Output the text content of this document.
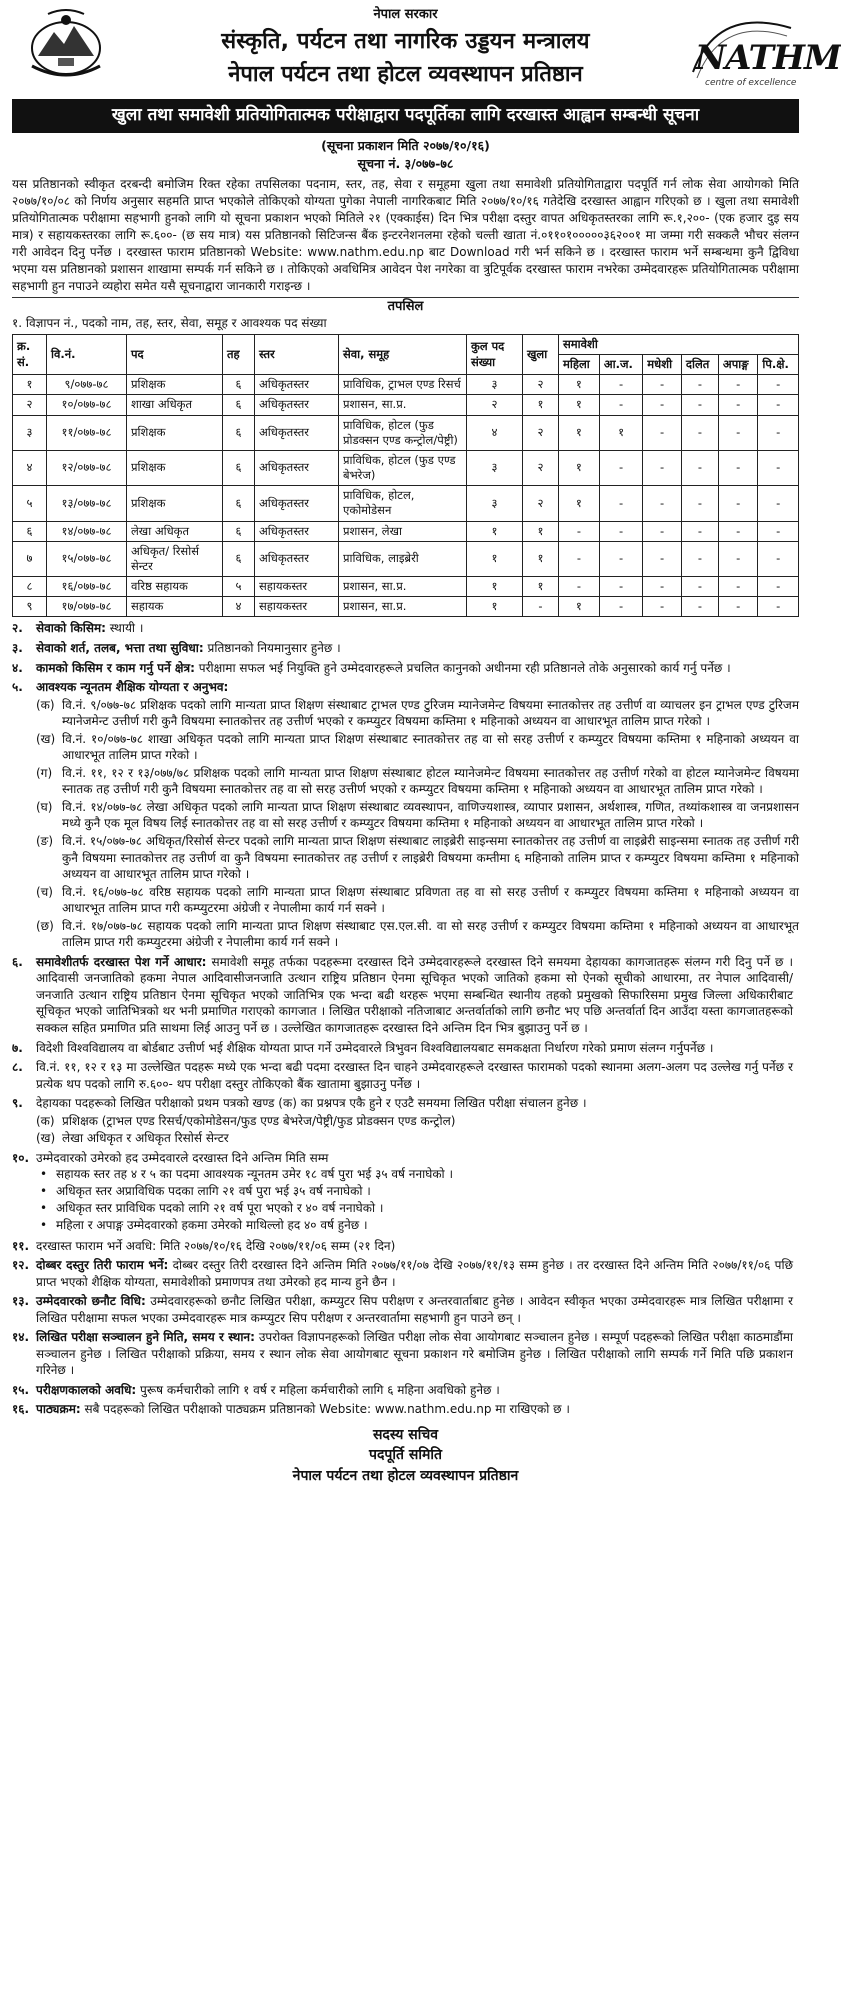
NATHM
centre of excellence
नेपाल सरकार
संस्कृति, पर्यटन तथा नागरिक उड्डयन मन्त्रालय
नेपाल पर्यटन तथा होटल व्यवस्थापन प्रतिष्ठान
खुला तथा समावेशी प्रतियोगितात्मक परीक्षाद्वारा पदपूर्तिका लागि दरखास्त आह्वान सम्बन्धी सूचना
(सूचना प्रकाशन मिति २०७७/१०/१६)
सूचना नं. ३/०७७-७८
यस प्रतिष्ठानको स्वीकृत दरबन्दी बमोजिम रिक्त रहेका तपसिलका पदनाम, स्तर, तह, सेवा र समूहमा खुला तथा समावेशी प्रतियोगिताद्वारा पदपूर्ति गर्न लोक सेवा आयोगको मिति २०७७/१०/०८ को निर्णय अनुसार सहमति प्राप्त भएकोले तोकिएको योग्यता पुगेका नेपाली नागरिकबाट मिति २०७७/१०/१६ गतेदेखि दरखास्त आह्वान गरिएको छ । खुला तथा समावेशी प्रतियोगितात्मक परीक्षामा सहभागी हुनको लागि यो सूचना प्रकाशन भएको मितिले २१ (एक्काईस) दिन भित्र परीक्षा दस्तुर वापत अधिकृतस्तरका लागि रू.१,२००- (एक हजार दुइ सय मात्र) र सहायकस्तरका लागि रू.६००- (छ सय मात्र) यस प्रतिष्ठानको सिटिजन्स बैंक इन्टरनेशनलमा रहेको चल्ती खाता नं.०११०१०००००३६२००१ मा जम्मा गरी सक्कलै भौचर संलग्न गरी आवेदन दिनु पर्नेछ । दरखास्त फाराम प्रतिष्ठानको Website: www.nathm.edu.np बाट Download गरी भर्न सकिने छ । दरखास्त फाराम भर्ने सम्बन्धमा कुनै द्विविधा भएमा यस प्रतिष्ठानको प्रशासन शाखामा सम्पर्क गर्न सकिने छ । तोकिएको अवधिमित्र आवेदन पेश नगरेका वा त्रुटिपूर्वक दरखास्त फाराम नभरेका उम्मेदवारहरू प्रतियोगितात्मक परीक्षामा सहभागी हुन नपाउने व्यहोरा समेत यसै सूचनाद्वारा जानकारी गराइन्छ ।
तपसिल
१. विज्ञापन नं., पदको नाम, तह, स्तर, सेवा, समूह र आवश्यक पद संख्या
क्र. सं.	वि.नं.	पद	तह	स्तर	सेवा, समूह	कुल पद संख्या	खुला	समावेशी					
								महिला	आ.ज.	मधेशी	दलित	अपाङ्ग	पि.क्षे.
१	९/०७७-७८	प्रशिक्षक	६	अधिकृतस्तर	प्राविधिक, ट्राभल एण्ड रिसर्च	३	२	१	-	-	-	-	-
२	१०/०७७-७८	शाखा अधिकृत	६	अधिकृतस्तर	प्रशासन, सा.प्र.	२	१	१	-	-	-	-	-
३	११/०७७-७८	प्रशिक्षक	६	अधिकृतस्तर	प्राविधिक, होटल (फुड प्रोडक्सन एण्ड कन्ट्रोल/पेष्ट्री)	४	२	१	१	-	-	-	-
४	१२/०७७-७८	प्रशिक्षक	६	अधिकृतस्तर	प्राविधिक, होटल (फुड एण्ड बेभरेज)	३	२	१	-	-	-	-	-
५	१३/०७७-७८	प्रशिक्षक	६	अधिकृतस्तर	प्राविधिक, होटल, एकोमोडेसन	३	२	१	-	-	-	-	-
६	१४/०७७-७८	लेखा अधिकृत	६	अधिकृतस्तर	प्रशासन, लेखा	१	१	-	-	-	-	-	-
७	१५/०७७-७८	अधिकृत/ रिसोर्स सेन्टर	६	अधिकृतस्तर	प्राविधिक, लाइब्रेरी	१	१	-	-	-	-	-	-
८	१६/०७७-७८	वरिष्ठ सहायक	५	सहायकस्तर	प्रशासन, सा.प्र.	१	१	-	-	-	-	-	-
९	१७/०७७-७८	सहायक	४	सहायकस्तर	प्रशासन, सा.प्र.	१	-	१	-	-	-	-	-
२. सेवाको किसिम: स्थायी ।
३. सेवाको शर्त, तलब, भत्ता तथा सुविधा: प्रतिष्ठानको नियमानुसार हुनेछ ।
४. कामको किसिम र काम गर्नु पर्ने क्षेत्र: परीक्षामा सफल भई नियुक्ति हुने उम्मेदवारहरूले प्रचलित कानुनको अधीनमा रही प्रतिष्ठानले तोके अनुसारको कार्य गर्नु पर्नेछ ।
५. आवश्यक न्यूनतम शैक्षिक योग्यता र अनुभव:
(क) वि.नं. ९/०७७-७८ प्रशिक्षक पदको लागि मान्यता प्राप्त शिक्षण संस्थाबाट ट्राभल एण्ड टुरिजम म्यानेजमेन्ट विषयमा स्नातकोत्तर तह उत्तीर्ण वा व्याचलर इन ट्राभल एण्ड टुरिजम म्यानेजमेन्ट उत्तीर्ण गरी कुनै विषयमा स्नातकोत्तर तह उत्तीर्ण भएको र कम्प्युटर विषयमा कम्तिमा १ महिनाको अध्ययन वा आधारभूत तालिम प्राप्त गरेको ।
(ख) वि.नं. १०/०७७-७८ शाखा अधिकृत पदको लागि मान्यता प्राप्त शिक्षण संस्थाबाट स्नातकोत्तर तह वा सो सरह उत्तीर्ण र कम्प्युटर विषयमा कम्तिमा १ महिनाको अध्ययन वा आधारभूत तालिम प्राप्त गरेको ।
(ग) वि.नं. ११, १२ र १३/०७७/७८ प्रशिक्षक पदको लागि मान्यता प्राप्त शिक्षण संस्थाबाट होटल म्यानेजमेन्ट विषयमा स्नातकोत्तर तह उत्तीर्ण गरेको वा होटल म्यानेजमेन्ट विषयमा स्नातक तह उत्तीर्ण गरी कुनै विषयमा स्नातकोत्तर तह वा सो सरह उत्तीर्ण भएको र कम्प्युटर विषयमा कम्तिमा १ महिनाको अध्ययन वा आधारभूत तालिम प्राप्त गरेको ।
(घ) वि.नं. १४/०७७-७८ लेखा अधिकृत पदको लागि मान्यता प्राप्त शिक्षण संस्थाबाट व्यवस्थापन, वाणिज्यशास्त्र, व्यापार प्रशासन, अर्थशास्त्र, गणित, तथ्यांकशास्त्र वा जनप्रशासन मध्ये कुनै एक मूल विषय लिई स्नातकोत्तर तह वा सो सरह उत्तीर्ण र कम्प्युटर विषयमा कम्तिमा १ महिनाको अध्ययन वा आधारभूत तालिम प्राप्त गरेको ।
(ङ) वि.नं. १५/०७७-७८ अधिकृत/रिसोर्स सेन्टर पदको लागि मान्यता प्राप्त शिक्षण संस्थाबाट लाइब्रेरी साइन्समा स्नातकोत्तर तह उत्तीर्ण वा लाइब्रेरी साइन्समा स्नातक तह उत्तीर्ण गरी कुनै विषयमा स्नातकोत्तर तह उत्तीर्ण वा कुनै विषयमा स्नातकोत्तर तह उत्तीर्ण र लाइब्रेरी विषयमा कम्तीमा ६ महिनाको तालिम प्राप्त र कम्प्युटर विषयमा कम्तिमा १ महिनाको अध्ययन वा आधारभूत तालिम प्राप्त गरेको ।
(च) वि.नं. १६/०७७-७८ वरिष्ठ सहायक पदको लागि मान्यता प्राप्त शिक्षण संस्थाबाट प्रविणता तह वा सो सरह उत्तीर्ण र कम्प्युटर विषयमा कम्तिमा १ महिनाको अध्ययन वा आधारभूत तालिम प्राप्त गरी कम्प्युटरमा अंग्रेजी र नेपालीमा कार्य गर्न सक्ने ।
(छ) वि.नं. १७/०७७-७८ सहायक पदको लागि मान्यता प्राप्त शिक्षण संस्थाबाट एस.एल.सी. वा सो सरह उत्तीर्ण र कम्प्युटर विषयमा कम्तिमा १ महिनाको अध्ययन वा आधारभूत तालिम प्राप्त गरी कम्प्युटरमा अंग्रेजी र नेपालीमा कार्य गर्न सक्ने ।
६. समावेशीतर्फ दरखास्त पेश गर्ने आधार: समावेशी समूह तर्फका पदहरूमा दरखास्त दिने उम्मेदवारहरूले दरखास्त दिने समयमा देहायका कागजातहरू संलग्न गरी दिनु पर्ने छ । आदिवासी जनजातिको हकमा नेपाल आदिवासीजनजाति उत्थान राष्ट्रिय प्रतिष्ठान ऐनमा सूचिकृत भएको जातिको हकमा सो ऐनको सूचीको आधारमा, तर नेपाल आदिवासी/जनजाति उत्थान राष्ट्रिय प्रतिष्ठान ऐनमा सूचिकृत भएको जातिभित्र एक भन्दा बढी थरहरू भएमा सम्बन्धित स्थानीय तहको प्रमुखको सिफारिसमा प्रमुख जिल्ला अधिकारीबाट सूचिकृत भएको जातिभित्रको थर भनी प्रमाणित गराएको कागजात । लिखित परीक्षाको नतिजाबाट अन्तर्वार्ताको लागि छनौट भए पछि अन्तर्वार्ता दिन आउँदा यस्ता कागजातहरूको सक्कल सहित प्रमाणित प्रति साथमा लिई आउनु पर्ने छ । उल्लेखित कागजातहरू दरखास्त दिने अन्तिम दिन भित्र बुझाउनु पर्ने छ ।
७. विदेशी विश्वविद्यालय वा बोर्डबाट उत्तीर्ण भई शैक्षिक योग्यता प्राप्त गर्ने उम्मेदवारले त्रिभुवन विश्वविद्यालयबाट समकक्षता निर्धारण गरेको प्रमाण संलग्न गर्नुपर्नेछ ।
८. वि.नं. ११, १२ र १३ मा उल्लेखित पदहरू मध्ये एक भन्दा बढी पदमा दरखास्त दिन चाहने उम्मेदवारहरूले दरखास्त फारामको पदको स्थानमा अलग-अलग पद उल्लेख गर्नु पर्नेछ र प्रत्येक थप पदको लागि रु.६००- थप परीक्षा दस्तुर तोकिएको बैंक खातामा बुझाउनु पर्नेछ ।
९. देहायका पदहरूको लिखित परीक्षाको प्रथम पत्रको खण्ड (क) का प्रश्नपत्र एकै हुने र एउटै समयमा लिखित परीक्षा संचालन हुनेछ ।
(क) प्रशिक्षक (ट्राभल एण्ड रिसर्च/एकोमोडेसन/फुड एण्ड बेभरेज/पेष्ट्री/फुड प्रोडक्सन एण्ड कन्ट्रोल)
(ख) लेखा अधिकृत र अधिकृत रिसोर्स सेन्टर
१०. उम्मेदवारको उमेरको हद उम्मेदवारले दरखास्त दिने अन्तिम मिति सम्म
• सहायक स्तर तह ४ र ५ का पदमा आवश्यक न्यूनतम उमेर १८ वर्ष पुरा भई ३५ वर्ष ननाघेको ।
• अधिकृत स्तर अप्राविधिक पदका लागि २१ वर्ष पुरा भई ३५ वर्ष ननाघेको ।
• अधिकृत स्तर प्राविधिक पदको लागि २१ वर्ष पूरा भएको र ४० वर्ष ननाघेको ।
• महिला र अपाङ्ग उम्मेदवारको हकमा उमेरको माथिल्लो हद ४० वर्ष हुनेछ ।
११. दरखास्त फाराम भर्ने अवधि: मिति २०७७/१०/१६ देखि २०७७/११/०६ सम्म (२१ दिन)
१२. दोब्बर दस्तुर तिरी फाराम भर्ने: दोब्बर दस्तुर तिरी दरखास्त दिने अन्तिम मिति २०७७/११/०७ देखि २०७७/११/१३ सम्म हुनेछ । तर दरखास्त दिने अन्तिम मिति २०७७/११/०६ पछि प्राप्त भएको शैक्षिक योग्यता, समावेशीको प्रमाणपत्र तथा उमेरको हद मान्य हुने छैन ।
१३. उम्मेदवारको छनौट विधि: उम्मेदवारहरूको छनौट लिखित परीक्षा, कम्प्युटर सिप परीक्षण र अन्तरवार्ताबाट हुनेछ । आवेदन स्वीकृत भएका उम्मेदवारहरू मात्र लिखित परीक्षामा र लिखित परीक्षामा सफल भएका उम्मेदवारहरू मात्र कम्प्युटर सिप परीक्षण र अन्तरवार्तामा सहभागी हुन पाउने छन् ।
१४. लिखित परीक्षा सञ्चालन हुने मिति, समय र स्थान: उपरोक्त विज्ञापनहरूको लिखित परीक्षा लोक सेवा आयोगबाट सञ्चालन हुनेछ । सम्पूर्ण पदहरूको लिखित परीक्षा काठमाडौंमा सञ्चालन हुनेछ । लिखित परीक्षाको प्रक्रिया, समय र स्थान लोक सेवा आयोगबाट सूचना प्रकाशन गरे बमोजिम हुनेछ । लिखित परीक्षाको लागि सम्पर्क गर्ने मिति पछि प्रकाशन गरिनेछ ।
१५. परीक्षणकालको अवधि: पुरूष कर्मचारीको लागि १ वर्ष र महिला कर्मचारीको लागि ६ महिना अवधिको हुनेछ ।
१६. पाठ्यक्रम: सबै पदहरूको लिखित परीक्षाको पाठ्यक्रम प्रतिष्ठानको Website: www.nathm.edu.np मा राखिएको छ ।
सदस्य सचिव
पदपूर्ति समिति
नेपाल पर्यटन तथा होटल व्यवस्थापन प्रतिष्ठान
